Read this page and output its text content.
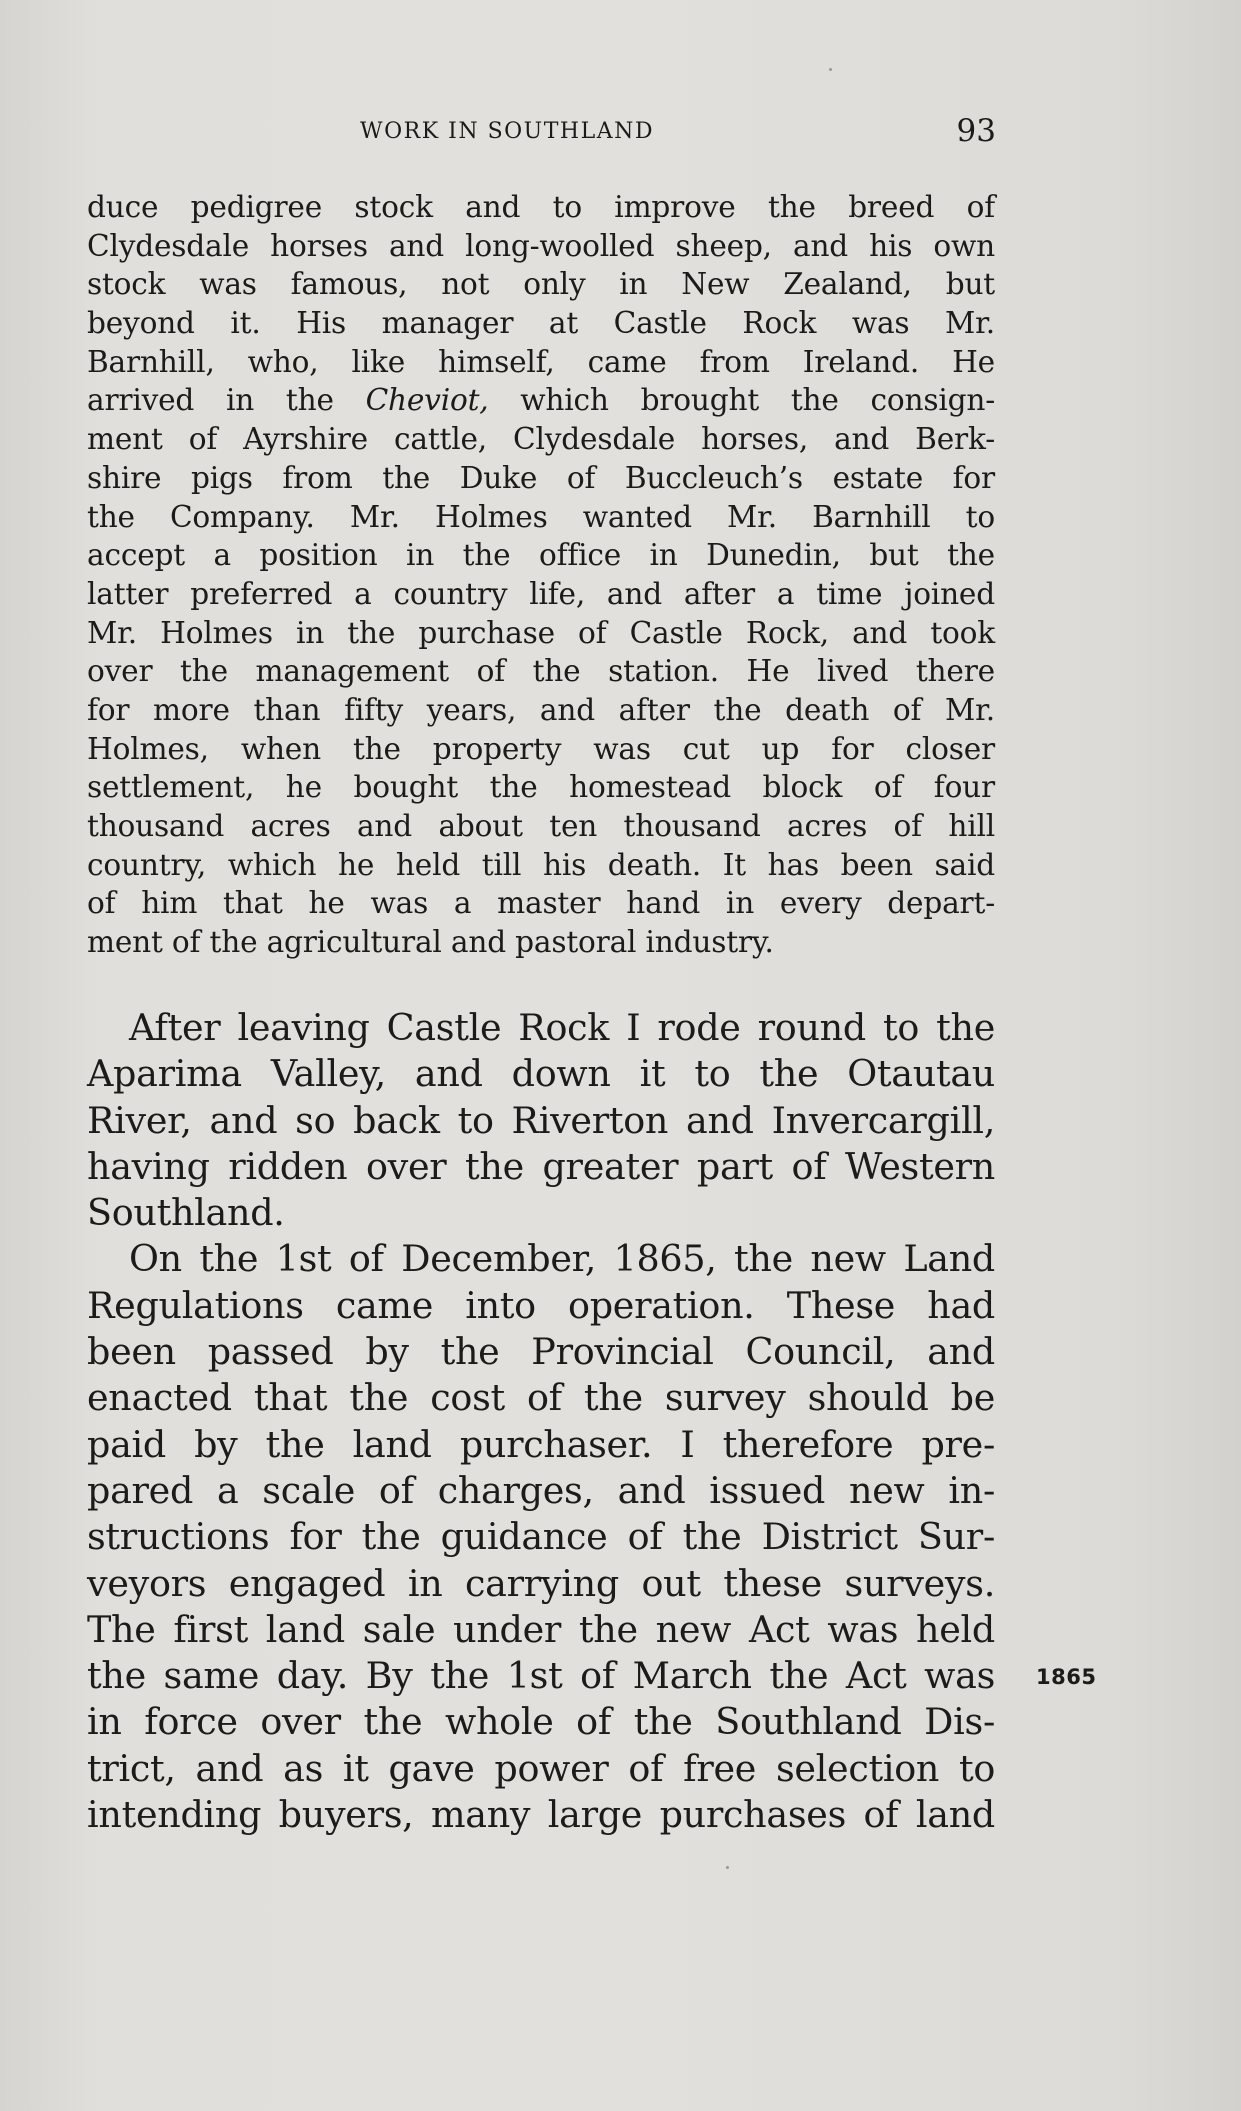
WORK IN SOUTHLAND	93
duce pedigree stock and to improve the breed of
Clydesdale horses and long-woolled sheep, and his own
stock was famous, not only in New Zealand, but
beyond it. His manager at Castle Rock was Mr.
Barnhill, who, like himself, came from Ireland. He
arrived in the Cheviot, which brought the consign-
ment of Ayrshire cattle, Clydesdale horses, and Berk-
shire pigs from the Duke of Buccleuch’s estate for
the Company. Mr. Holmes wanted Mr. Barnhill to
accept a position in the office in Dunedin, but the
latter preferred a country life, and after a time joined
Mr. Holmes in the purchase of Castle Rock, and took
over the management of the station. He lived there
for more than fifty years, and after the death of Mr.
Holmes, when the property was cut up for closer
settlement, he bought the homestead block of four
thousand acres and about ten thousand acres of hill
country, which he held till his death. It has been said
of him that he was a master hand in every depart-
ment of the agricultural and pastoral industry.
After leaving Castle Rock I rode round to the
Aparima Valley, and down it to the Otautau
River, and so back to Riverton and Invercargill,
having ridden over the greater part of Western
Southland.
On the 1st of December, 1865, the new Land
Regulations came into operation. These had
been passed by the Provincial Council, and
enacted that the cost of the survey should be
paid by the land purchaser. I therefore pre-
pared a scale of charges, and issued new in-
structions for the guidance of the District Sur-
veyors engaged in carrying out these surveys.
The first land sale under the new Act was held
the same day. By the 1st of March the Act was
in force over the whole of the Southland Dis-
trict, and as it gave power of free selection to
intending buyers, many large purchases of land
1865
